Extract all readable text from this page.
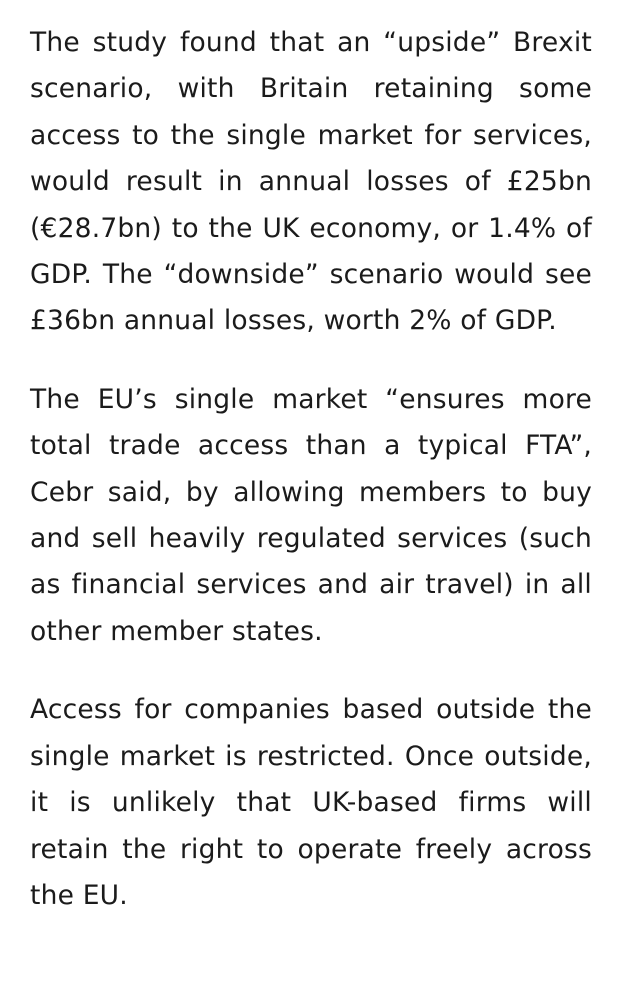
The study found that an “upside” Brexit scenario, with Britain retaining some access to the single market for services, would result in annual losses of £25bn (€28.7bn) to the UK economy, or 1.4% of GDP. The “downside” scenario would see £36bn annual losses, worth 2% of GDP.

The EU’s single market “ensures more total trade access than a typical FTA”, Cebr said, by allowing members to buy and sell heavily regulated services (such as financial services and air travel) in all other member states.

Access for companies based outside the single market is restricted. Once outside, it is unlikely that UK-based firms will retain the right to operate freely across the EU.
